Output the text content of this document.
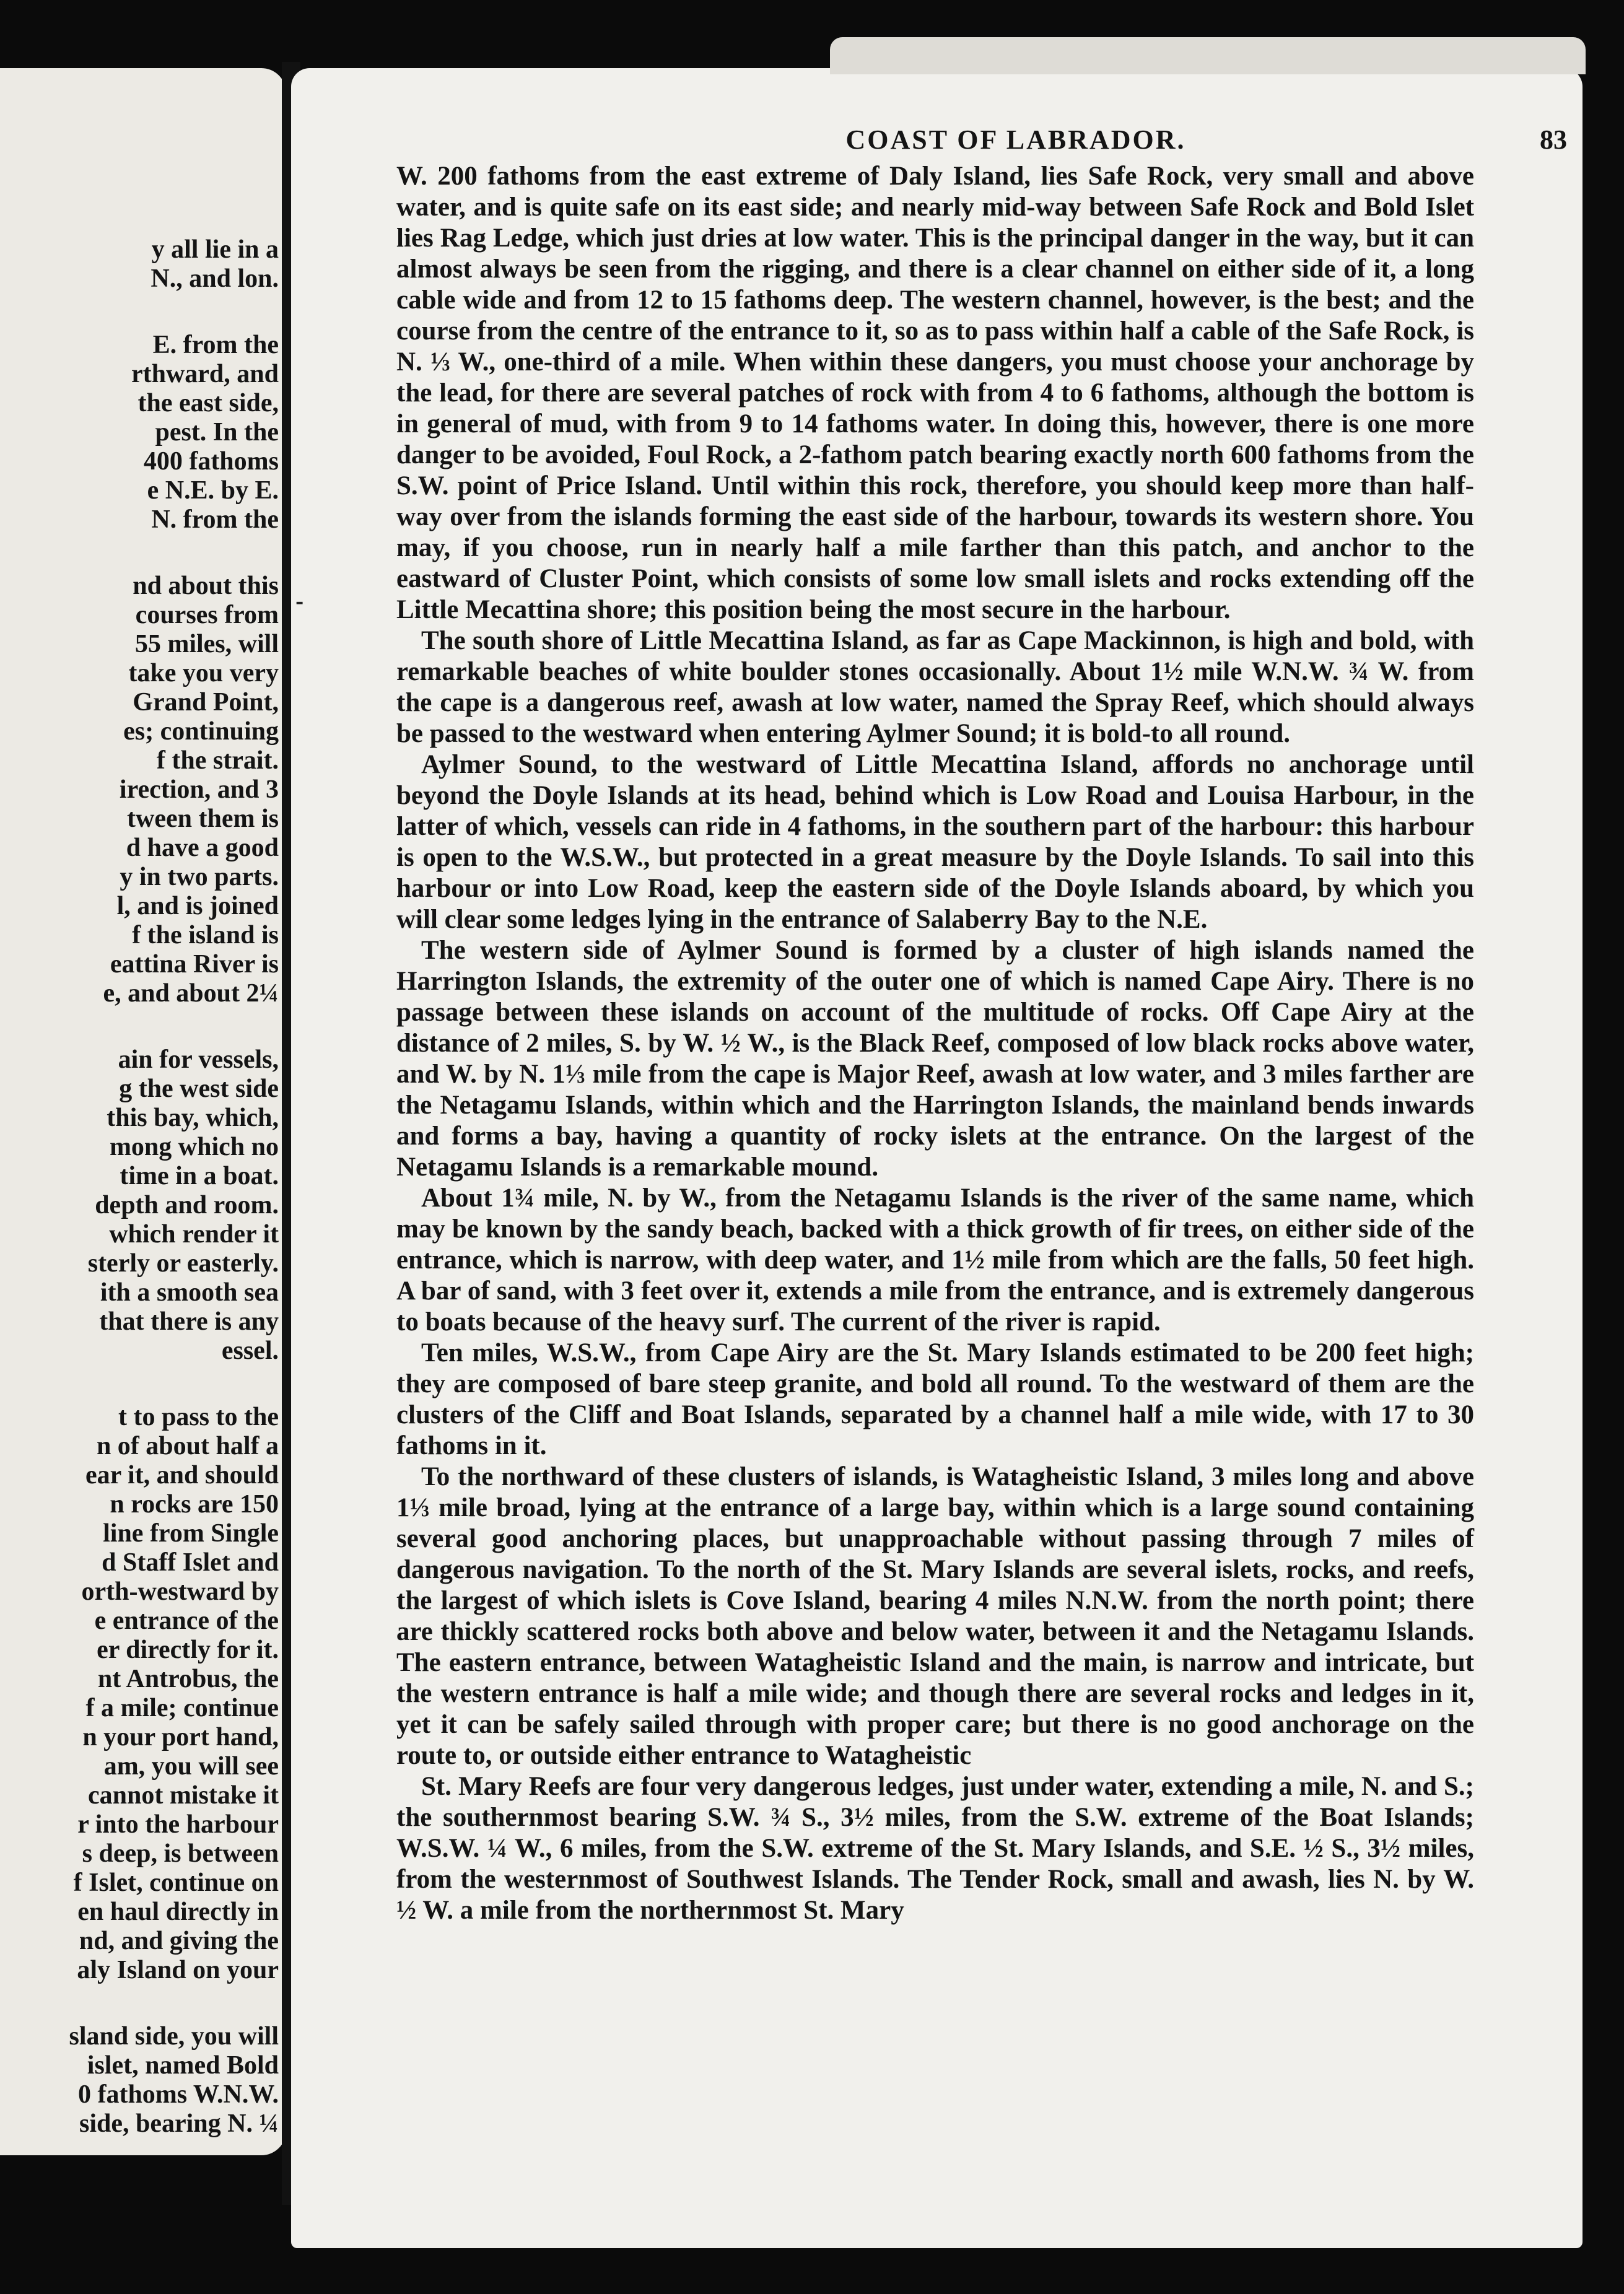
y all lie in a
N., and lon.
E. from the
rthward, and
the east side,
pest. In the
400 fathoms
e N.E. by E.
N. from the
nd about this
courses from
55 miles, will
take you very
Grand Point,
es; continuing
f the strait.
irection, and 3
tween them is
d have a good
y in two parts.
l, and is joined
f the island is
eattina River is
e, and about 2¼
ain for vessels,
g the west side
this bay, which,
mong which no
time in a boat.
depth and room.
which render it
sterly or easterly.
ith a smooth sea
that there is any
essel.
t to pass to the
n of about half a
ear it, and should
n rocks are 150
line from Single
d Staff Islet and
orth-westward by
e entrance of the
er directly for it.
nt Antrobus, the
f a mile; continue
n your port hand,
am, you will see
cannot mistake it
r into the harbour
s deep, is between
f Islet, continue on
en haul directly in
nd, and giving the
aly Island on your
sland side, you will
islet, named Bold
0 fathoms W.N.W.
side, bearing N. ¼
COAST OF LABRADOR.	83
⁃

W. 200 fathoms from the east extreme of Daly Island, lies Safe Rock, very small and above water, and is quite safe on its east side; and nearly mid-way between Safe Rock and Bold Islet lies Rag Ledge, which just dries at low water. This is the principal danger in the way, but it can almost always be seen from the rigging, and there is a clear channel on either side of it, a long cable wide and from 12 to 15 fathoms deep. The western channel, however, is the best; and the course from the centre of the entrance to it, so as to pass within half a cable of the Safe Rock, is N. ⅓ W., one-third of a mile. When within these dangers, you must choose your anchorage by the lead, for there are several patches of rock with from 4 to 6 fathoms, although the bottom is in general of mud, with from 9 to 14 fathoms water. In doing this, however, there is one more danger to be avoided, Foul Rock, a 2-fathom patch bearing exactly north 600 fathoms from the S.W. point of Price Island. Until within this rock, therefore, you should keep more than half-way over from the islands forming the east side of the harbour, towards its western shore. You may, if you choose, run in nearly half a mile farther than this patch, and anchor to the eastward of Cluster Point, which consists of some low small islets and rocks extending off the Little Mecattina shore; this position being the most secure in the harbour.

The south shore of Little Mecattina Island, as far as Cape Mackinnon, is high and bold, with remarkable beaches of white boulder stones occasionally. About 1½ mile W.N.W. ¾ W. from the cape is a dangerous reef, awash at low water, named the Spray Reef, which should always be passed to the westward when entering Aylmer Sound; it is bold-to all round.

Aylmer Sound, to the westward of Little Mecattina Island, affords no anchorage until beyond the Doyle Islands at its head, behind which is Low Road and Louisa Harbour, in the latter of which, vessels can ride in 4 fathoms, in the southern part of the harbour: this harbour is open to the W.S.W., but protected in a great measure by the Doyle Islands. To sail into this harbour or into Low Road, keep the eastern side of the Doyle Islands aboard, by which you will clear some ledges lying in the entrance of Salaberry Bay to the N.E.

The western side of Aylmer Sound is formed by a cluster of high islands named the Harrington Islands, the extremity of the outer one of which is named Cape Airy. There is no passage between these islands on account of the multitude of rocks. Off Cape Airy at the distance of 2 miles, S. by W. ½ W., is the Black Reef, composed of low black rocks above water, and W. by N. 1⅓ mile from the cape is Major Reef, awash at low water, and 3 miles farther are the Netagamu Islands, within which and the Harrington Islands, the mainland bends inwards and forms a bay, having a quantity of rocky islets at the entrance. On the largest of the Netagamu Islands is a remarkable mound.

About 1¾ mile, N. by W., from the Netagamu Islands is the river of the same name, which may be known by the sandy beach, backed with a thick growth of fir trees, on either side of the entrance, which is narrow, with deep water, and 1½ mile from which are the falls, 50 feet high. A bar of sand, with 3 feet over it, extends a mile from the entrance, and is extremely dangerous to boats because of the heavy surf. The current of the river is rapid.

Ten miles, W.S.W., from Cape Airy are the St. Mary Islands estimated to be 200 feet high; they are composed of bare steep granite, and bold all round. To the westward of them are the clusters of the Cliff and Boat Islands, separated by a channel half a mile wide, with 17 to 30 fathoms in it.

To the northward of these clusters of islands, is Watagheistic Island, 3 miles long and above 1⅓ mile broad, lying at the entrance of a large bay, within which is a large sound containing several good anchoring places, but unapproachable without passing through 7 miles of dangerous navigation. To the north of the St. Mary Islands are several islets, rocks, and reefs, the largest of which islets is Cove Island, bearing 4 miles N.N.W. from the north point; there are thickly scattered rocks both above and below water, between it and the Netagamu Islands. The eastern entrance, between Watagheistic Island and the main, is narrow and intricate, but the western entrance is half a mile wide; and though there are several rocks and ledges in it, yet it can be safely sailed through with proper care; but there is no good anchorage on the route to, or outside either entrance to Watagheistic

St. Mary Reefs are four very dangerous ledges, just under water, extending a mile, N. and S.; the southernmost bearing S.W. ¾ S., 3½ miles, from the S.W. extreme of the Boat Islands; W.S.W. ¼ W., 6 miles, from the S.W. extreme of the St. Mary Islands, and S.E. ½ S., 3½ miles, from the westernmost of Southwest Islands. The Tender Rock, small and awash, lies N. by W. ½ W. a mile from the northernmost St. Mary
